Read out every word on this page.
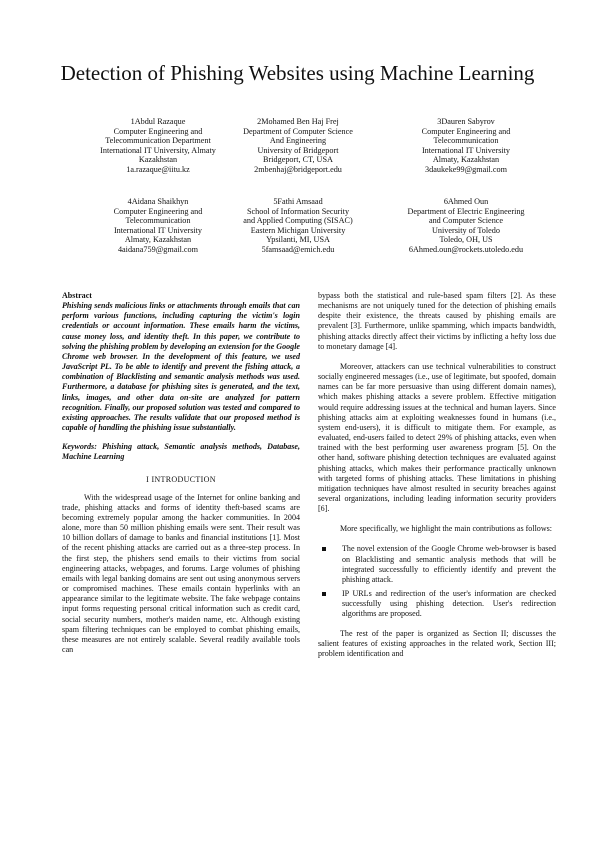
Detection of Phishing Websites using Machine Learning
1Abdul Razaque
Computer Engineering and
Telecommunication Department
International IT University, Almaty
Kazakhstan
1a.razaque@iitu.kz
2Mohamed Ben Haj Frej
Department of Computer Science
And Engineering
University of Bridgeport
Bridgeport, CT, USA
2mbenhaj@bridgeport.edu
3Dauren Sabyrov
Computer Engineering and
Telecommunication
International IT University
Almaty, Kazakhstan
3daukeke99@gmail.com
4Aidana Shaikhyn
Computer Engineering and
Telecommunication
International IT University
Almaty, Kazakhstan
4aidana759@gmail.com
5Fathi Amsaad
School of Information Security
and Applied Computing (SISAC)
Eastern Michigan University
Ypsilanti, MI, USA
5famsaad@emich.edu
6Ahmed Oun
Department of Electric Engineering
and Computer Science
University of Toledo
Toledo, OH, US
6Ahmed.oun@rockets.utoledo.edu

Abstract

Phishing sends malicious links or attachments through emails that can perform various functions, including capturing the victim's login credentials or account information. These emails harm the victims, cause money loss, and identity theft. In this paper, we contribute to solving the phishing problem by developing an extension for the Google Chrome web browser. In the development of this feature, we used JavaScript PL. To be able to identify and prevent the fishing attack, a combination of Blacklisting and semantic analysis methods was used. Furthermore, a database for phishing sites is generated, and the text, links, images, and other data on-site are analyzed for pattern recognition. Finally, our proposed solution was tested and compared to existing approaches. The results validate that our proposed method is capable of handling the phishing issue substantially.

Keywords: Phishing attack, Semantic analysis methods, Database, Machine Learning

I INTRODUCTION

With the widespread usage of the Internet for online banking and trade, phishing attacks and forms of identity theft-based scams are becoming extremely popular among the hacker communities. In 2004 alone, more than 50 million phishing emails were sent. Their result was 10 billion dollars of damage to banks and financial institutions [1]. Most of the recent phishing attacks are carried out as a three-step process. In the first step, the phishers send emails to their victims from social engineering attacks, webpages, and forums. Large volumes of phishing emails with legal banking domains are sent out using anonymous servers or compromised machines. These emails contain hyperlinks with an appearance similar to the legitimate website. The fake webpage contains input forms requesting personal critical information such as credit card, social security numbers, mother's maiden name, etc. Although existing spam filtering techniques can be employed to combat phishing emails, these measures are not entirely scalable. Several readily available tools can

bypass both the statistical and rule-based spam filters [2]. As these mechanisms are not uniquely tuned for the detection of phishing emails despite their existence, the threats caused by phishing emails are prevalent [3]. Furthermore, unlike spamming, which impacts bandwidth, phishing attacks directly affect their victims by inflicting a hefty loss due to monetary damage [4].

Moreover, attackers can use technical vulnerabilities to construct socially engineered messages (i.e., use of legitimate, but spoofed, domain names can be far more persuasive than using different domain names), which makes phishing attacks a severe problem. Effective mitigation would require addressing issues at the technical and human layers. Since phishing attacks aim at exploiting weaknesses found in humans (i.e., system end-users), it is difficult to mitigate them. For example, as evaluated, end-users failed to detect 29% of phishing attacks, even when trained with the best performing user awareness program [5]. On the other hand, software phishing detection techniques are evaluated against phishing attacks, which makes their performance practically unknown with targeted forms of phishing attacks. These limitations in phishing mitigation techniques have almost resulted in security breaches against several organizations, including leading information security providers [6].

More specifically, we highlight the main contributions as follows:

The novel extension of the Google Chrome web-browser is based on Blacklisting and semantic analysis methods that will be integrated successfully to efficiently identify and prevent the phishing attack.
IP URLs and redirection of the user's information are checked successfully using phishing detection. User's redirection algorithms are proposed.

The rest of the paper is organized as Section II; discusses the salient features of existing approaches in the related work, Section III; problem identification and
